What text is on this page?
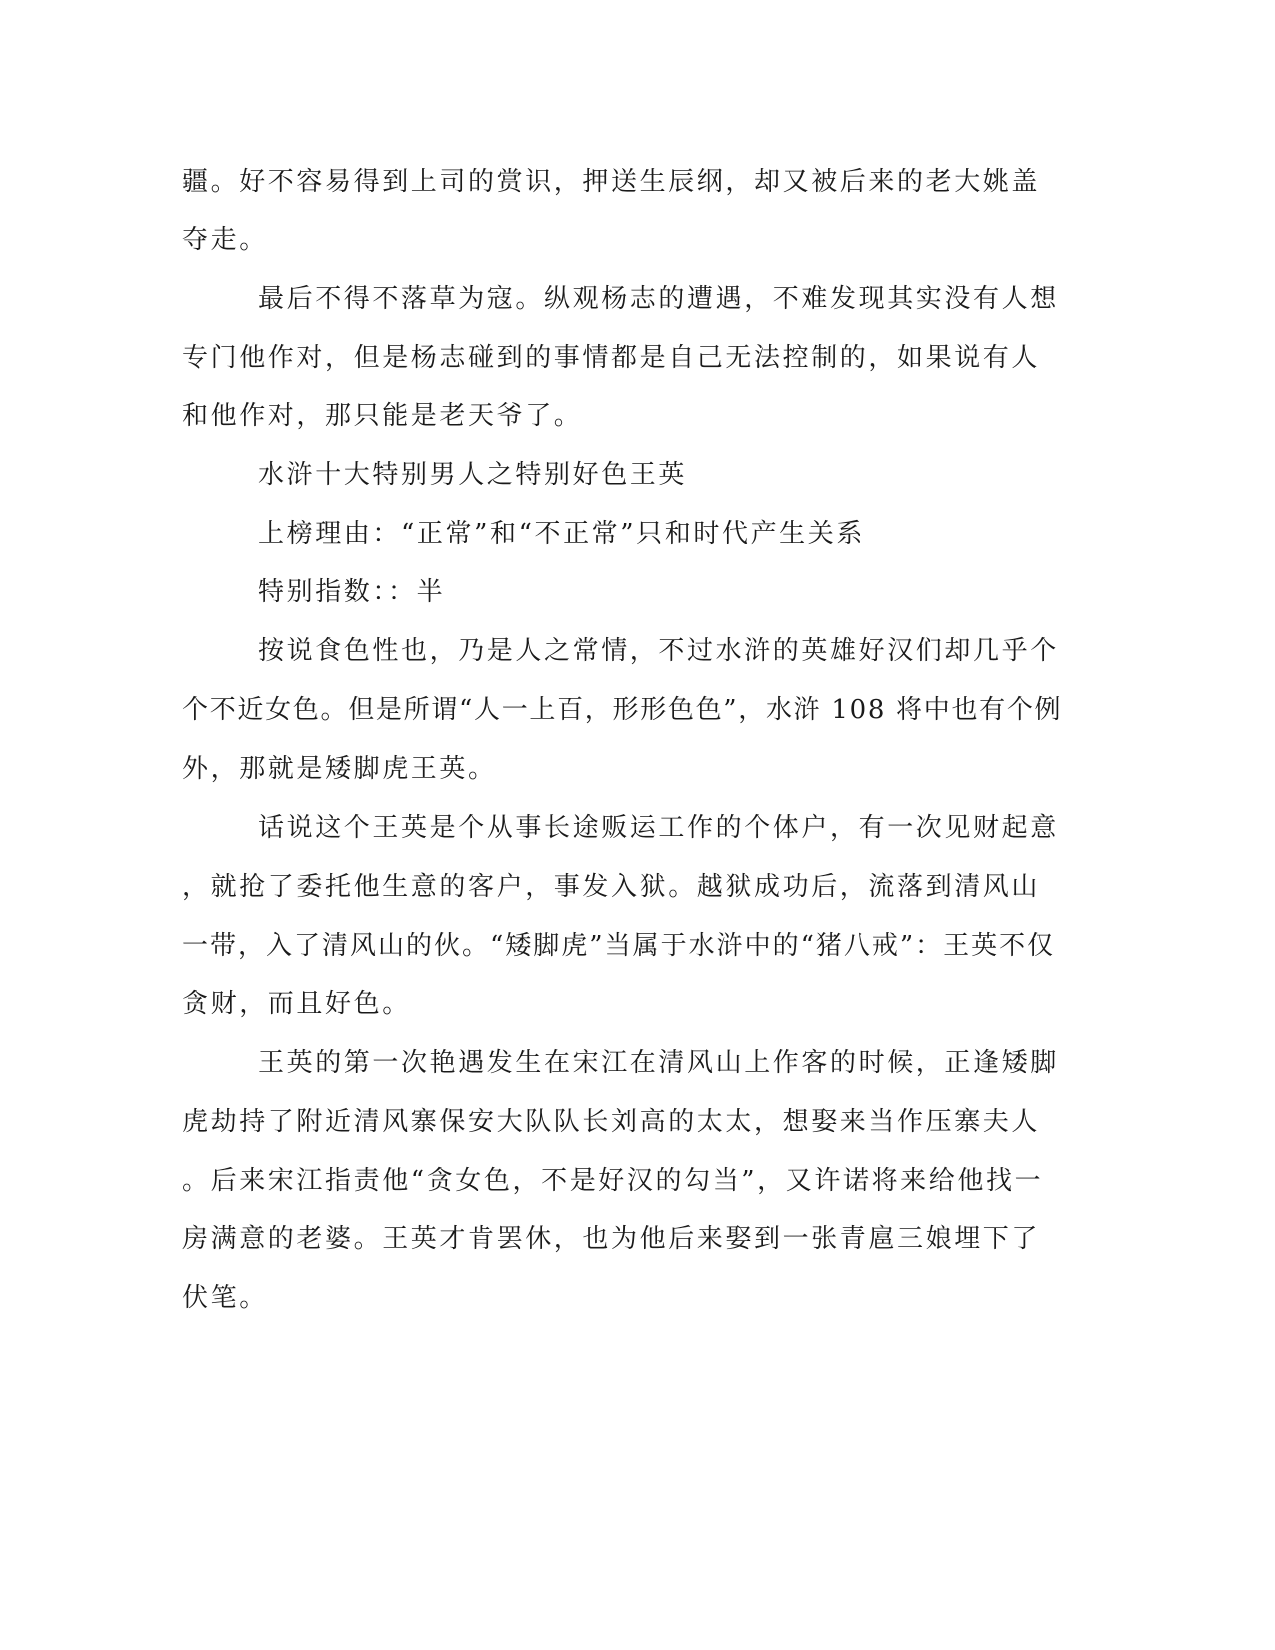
疆。好不容易得到上司的赏识，押送生辰纲，却又被后来的老大姚盖
夺走。
最后不得不落草为寇。纵观杨志的遭遇，不难发现其实没有人想
专门他作对，但是杨志碰到的事情都是自己无法控制的，如果说有人
和他作对，那只能是老天爷了。
水浒十大特别男人之特别好色王英
上榜理由：“正常”和“不正常”只和时代产生关系
特别指数：：半
按说食色性也，乃是人之常情，不过水浒的英雄好汉们却几乎个
个不近女色。但是所谓“人一上百，形形色色”，水浒 108 将中也有个例
外，那就是矮脚虎王英。
话说这个王英是个从事长途贩运工作的个体户，有一次见财起意
，就抢了委托他生意的客户，事发入狱。越狱成功后，流落到清风山
一带，入了清风山的伙。“矮脚虎”当属于水浒中的“猪八戒”：王英不仅
贪财，而且好色。
王英的第一次艳遇发生在宋江在清风山上作客的时候，正逢矮脚
虎劫持了附近清风寨保安大队队长刘高的太太，想娶来当作压寨夫人
。后来宋江指责他“贪女色，不是好汉的勾当”，又许诺将来给他找一
房满意的老婆。王英才肯罢休，也为他后来娶到一张青扈三娘埋下了
伏笔。
